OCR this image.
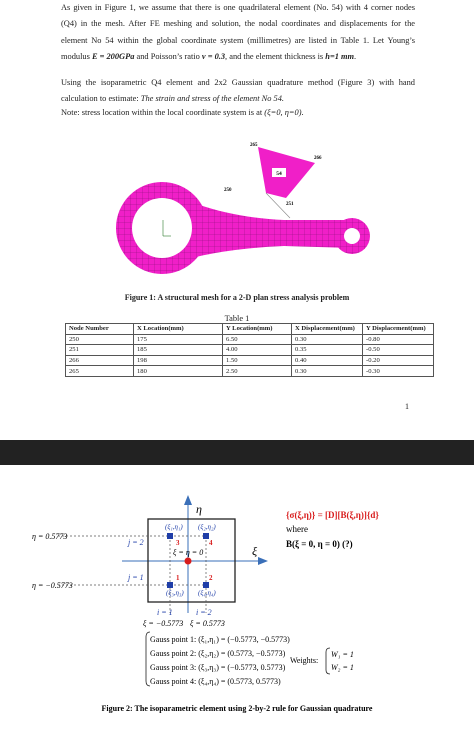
As given in Figure 1, we assume that there is one quadrilateral element (No. 54) with 4 corner nodes (Q4) in the mesh. After FE meshing and solution, the nodal coordinates and displacements for the element No 54 within the global coordinate system (millimetres) are listed in Table 1. Let Young’s modulus E = 200GPa and Poisson’s ratio ν = 0.3, and the element thickness is h=1 mm.

Using the isoparametric Q4 element and 2x2 Gaussian quadrature method (Figure 3) with hand calculation to estimate: The strain and stress of the element No 54.

Note: stress location within the local coordinate system is at (ξ=0, η=0).

54
265
266
250
251
Figure 1: A structural mesh for a 2-D plan stress analysis problem
Table 1
Node Number	X Location(mm)	Y Location(mm)	X Displacement(mm)	Y Displacement(mm)
250	175	6.50	0.30	-0.80
251	185	4.00	0.35	-0.50
266	198	1.50	0.40	-0.20
265	180	2.50	0.30	-0.30
1
η
ξ
η = 0.5773
η = −0.5773
j = 2
j = 1
(ξ₁,η₁) (ξ₂,η₂)
(ξ₃,η₃) (ξ₄,η₄)
3	4
1	2
ξ = η = 0
i = 1	i = 2
ξ = −0.5773 ξ = 0.5773
{σ(ξ,η)} = [D][B(ξ,η)]{d}
where
B(ξ = 0, η = 0) (?)
Gauss point 1: (ξ₁,η₁) = (−0.5773, −0.5773)
Gauss point 2: (ξ₂,η₂) = (0.5773, −0.5773)
Gauss point 3: (ξ₃,η₃) = (−0.5773, 0.5773)
Gauss point 4: (ξ₄,η₄) = (0.5773, 0.5773)
Weights:
W₁ = 1
W₂ = 1
Figure 2: The isoparametric element using 2-by-2 rule for Gaussian quadrature
